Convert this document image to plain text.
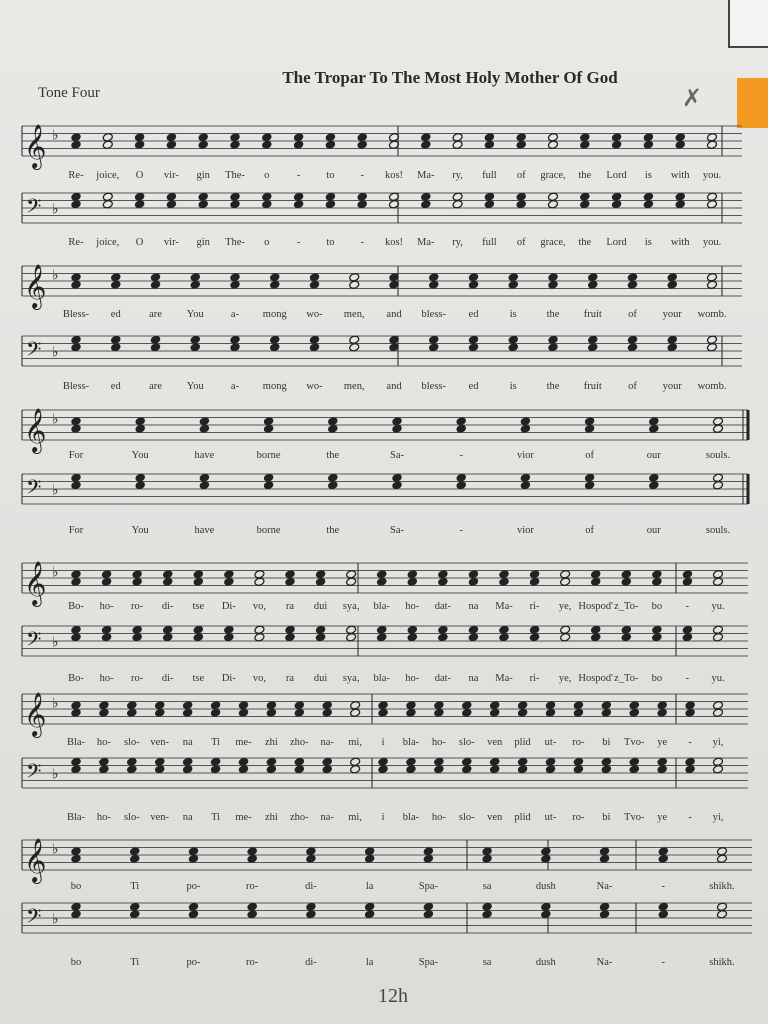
Tone Four
The Tropar To The Most Holy Mother Of God
✗
𝄞 ♭
𝄢 ♭
Re- joice, O vir- gin The- o	- to - kos! Ma- ry, full of grace, the Lord is with you.
Re- joice, O vir- gin The- o	- to - kos! Ma- ry, full of grace, the Lord is with you.
𝄞 ♭
𝄢 ♭
Bless- ed	are You	a- mong wo- men, and bless- ed	is	the fruit	of your womb.
Bless- ed	are You	a- mong wo- men, and bless- ed	is	the fruit	of your womb.
𝄞 ♭
𝄢 ♭
For	You	have	borne	the	Sa-	-	vior	of	our	souls.
For	You	have	borne	the	Sa-	-	vior	of	our	souls.
𝄞 ♭
𝄢 ♭
Bo- ho- ro- di- tse Di- vo, ra dui sya, bla- ho- dat- na Ma- ri- ye, Hospod' z_To- bo - yu.
Bo- ho- ro- di- tse Di- vo, ra dui sya, bla- ho- dat- na Ma- ri- ye, Hospod' z_To- bo - yu.
𝄞 ♭
𝄢 ♭
Bla- ho- slo- ven- na Ti me- zhi zho- na- mi, i bla- ho- slo- ven plid ut- ro- bi Tvo- ye - yi,
Bla- ho- slo- ven- na Ti me- zhi zho- na- mi, i bla- ho- slo- ven plid ut- ro- bi Tvo- ye - yi,
𝄞 ♭
𝄢 ♭
bo	Ti	po-	ro-	di-	la	Spa-	sa	dush	Na-	-	shikh.
bo	Ti	po-	ro-	di-	la	Spa-	sa	dush	Na-	-	shikh.
12h
